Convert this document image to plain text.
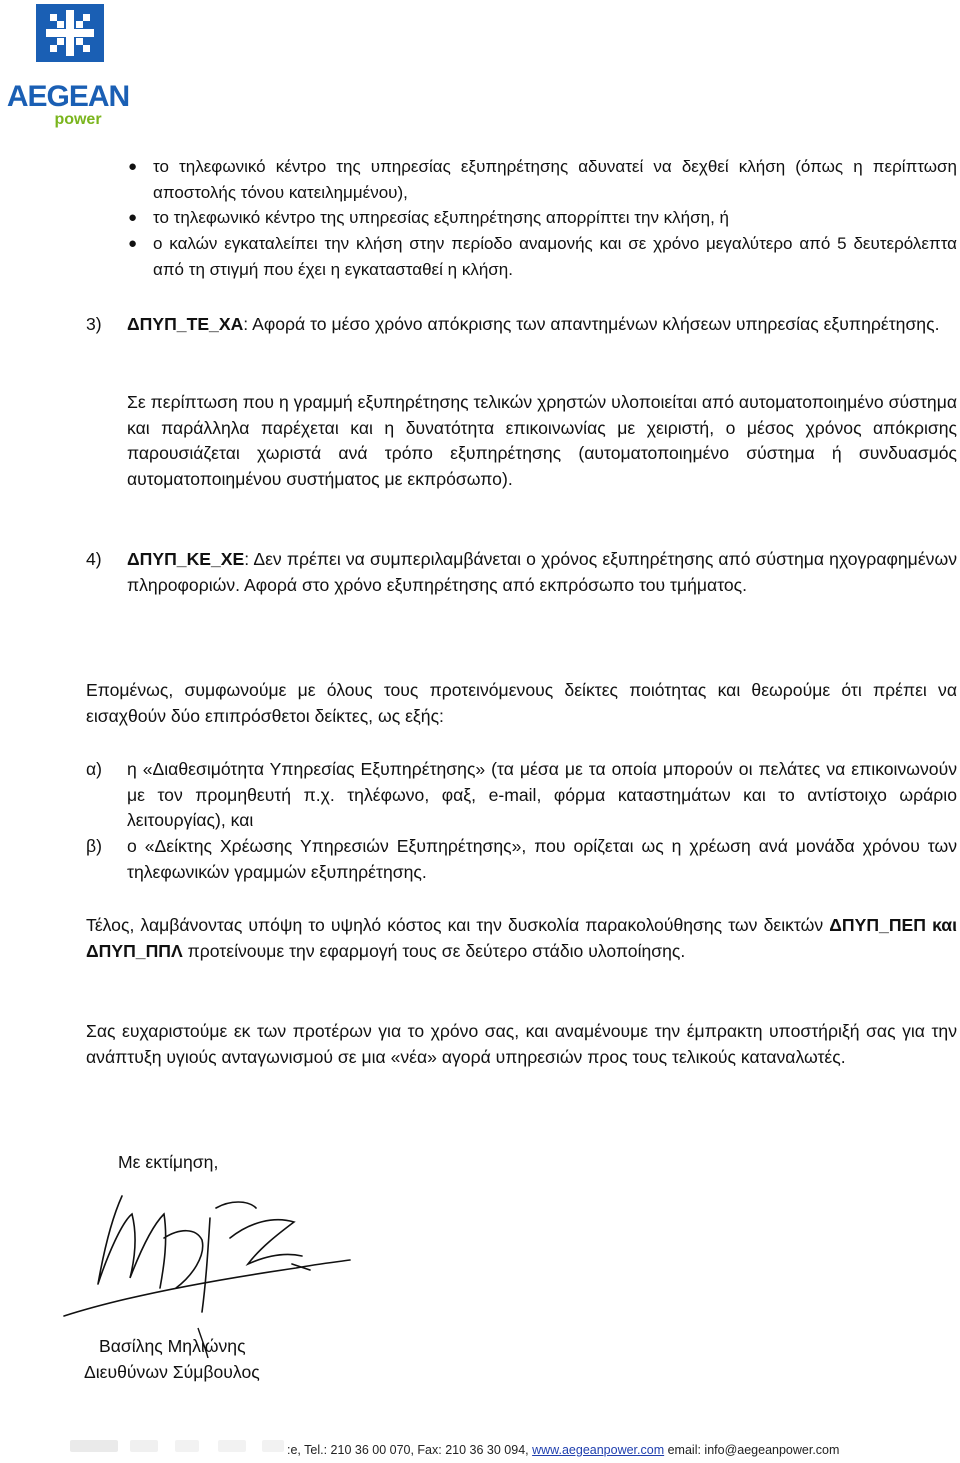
AEGEAN
power
● το τηλεφωνικό κέντρο της υπηρεσίας εξυπηρέτησης αδυνατεί να δεχθεί κλήση (όπως η περίπτωση αποστολής τόνου κατειλημμένου),
● το τηλεφωνικό κέντρο της υπηρεσίας εξυπηρέτησης απορρίπτει την κλήση, ή
● ο καλών εγκαταλείπει την κλήση στην περίοδο αναμονής και σε χρόνο μεγαλύτερο από 5 δευτερόλεπτα από τη στιγμή που έχει η εγκατασταθεί η κλήση.
3) ΔΠΥΠ_ΤΕ_ΧΑ: Αφορά το μέσο χρόνο απόκρισης των απαντημένων κλήσεων υπηρεσίας εξυπηρέτησης.
Σε περίπτωση που η γραμμή εξυπηρέτησης τελικών χρηστών υλοποιείται από αυτοματοποιημένο σύστημα και παράλληλα παρέχεται και η δυνατότητα επικοινωνίας με χειριστή, ο μέσος χρόνος απόκρισης παρουσιάζεται χωριστά ανά τρόπο εξυπηρέτησης (αυτοματοποιημένο σύστημα ή συνδυασμός αυτοματοποιημένου συστήματος με εκπρόσωπο).
4) ΔΠΥΠ_ΚΕ_ΧΕ: Δεν πρέπει να συμπεριλαμβάνεται ο χρόνος εξυπηρέτησης από σύστημα ηχογραφημένων πληροφοριών. Αφορά στο χρόνο εξυπηρέτησης από εκπρόσωπο του τμήματος.
Επομένως, συμφωνούμε με όλους τους προτεινόμενους δείκτες ποιότητας και θεωρούμε ότι πρέπει να εισαχθούν δύο επιπρόσθετοι δείκτες, ως εξής:
α) η «Διαθεσιμότητα Υπηρεσίας Εξυπηρέτησης» (τα μέσα με τα οποία μπορούν οι πελάτες να επικοινωνούν με τον προμηθευτή π.χ. τηλέφωνο, φαξ, e-mail, φόρμα καταστημάτων και το αντίστοιχο ωράριο λειτουργίας), και
β) ο «Δείκτης Χρέωσης Υπηρεσιών Εξυπηρέτησης», που ορίζεται ως η χρέωση ανά μονάδα χρόνου των τηλεφωνικών γραμμών εξυπηρέτησης.
Τέλος, λαμβάνοντας υπόψη το υψηλό κόστος και την δυσκολία παρακολούθησης των δεικτών ΔΠΥΠ_ΠΕΠ και ΔΠΥΠ_ΠΠΛ προτείνουμε την εφαρμογή τους σε δεύτερο στάδιο υλοποίησης.
Σας ευχαριστούμε εκ των προτέρων για το χρόνο σας, και αναμένουμε την έμπρακτη υποστήριξή σας για την ανάπτυξη υγιούς ανταγωνισμού σε μια «νέα» αγορά υπηρεσιών προς τους τελικούς καταναλωτές.
Με εκτίμηση,
Βασίλης Μηλιώνης
Διευθύνων Σύμβουλος
:e, Tel.: 210 36 00 070, Fax: 210 36 30 094, www.aegeanpower.com email: info@aegeanpower.com
